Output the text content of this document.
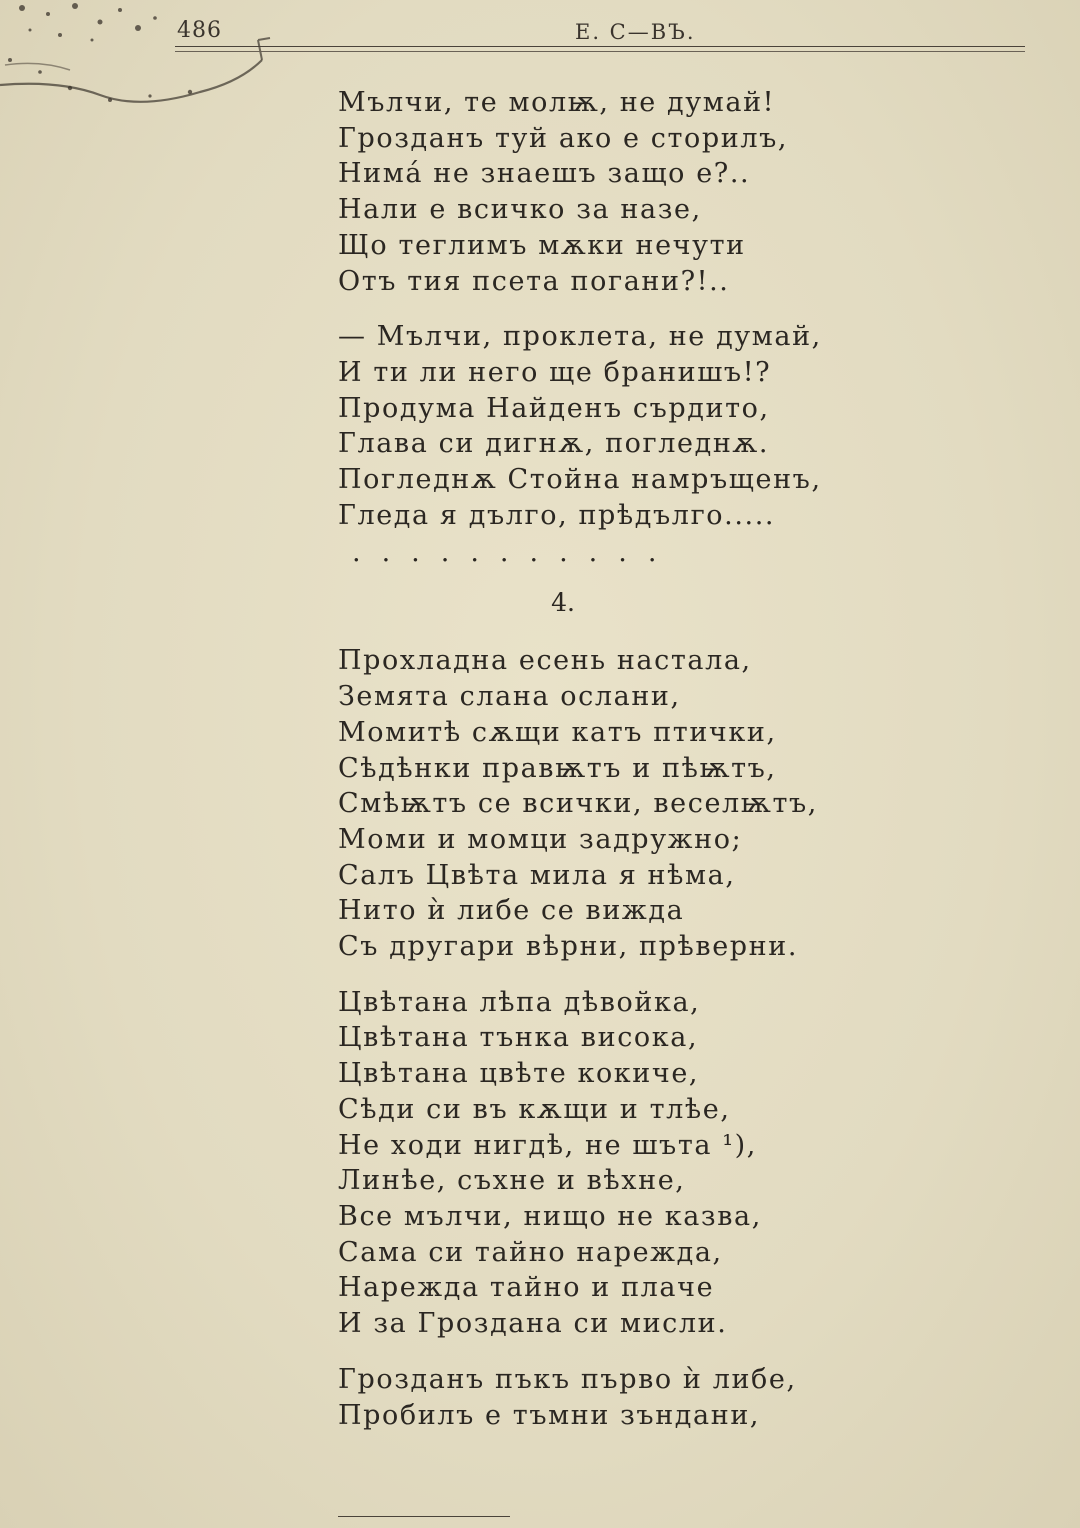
486	Е. С—ВЪ.
Мълчи, те молѭ, не думай!
Грозданъ туй ако е сторилъ,
Нима́ не знаешъ защо е?..
Нали е всичко за назе,
Що теглимъ мѫки нечути
Отъ тия псета погани?!..
— Мълчи, проклета, не думай,
И ти ли него ще бранишъ!?
Продума Найденъ сърдито,
Глава си дигнѫ, погледнѫ.
Погледнѫ Стойна намръщенъ,
Гледа я дълго, прѣдълго.....
...........
4.
Прохладна есень настала,
Земята слана ослани,
Момитѣ сѫщи катъ птички,
Сѣдѣнки правѭтъ и пѣѭтъ,
Смѣѭтъ се всички, веселѭтъ,
Моми и момци задружно;
Салъ Цвѣта мила я нѣма,
Нито ѝ либе се вижда
Съ другари вѣрни, прѣверни.
Цвѣтана лѣпа дѣвойка,
Цвѣтана тънка висока,
Цвѣтана цвѣте кокиче,
Сѣди си въ кѫщи и тлѣе,
Не ходи нигдѣ, не шъта ¹),
Линѣе, съхне и вѣхне,
Все мълчи, нищо не казва,
Сама си тайно нарежда,
Нарежда тайно и плаче
И за Гроздана си мисли.
Грозданъ пъкъ първо ѝ либе,
Пробилъ е тъмни зъндани,
